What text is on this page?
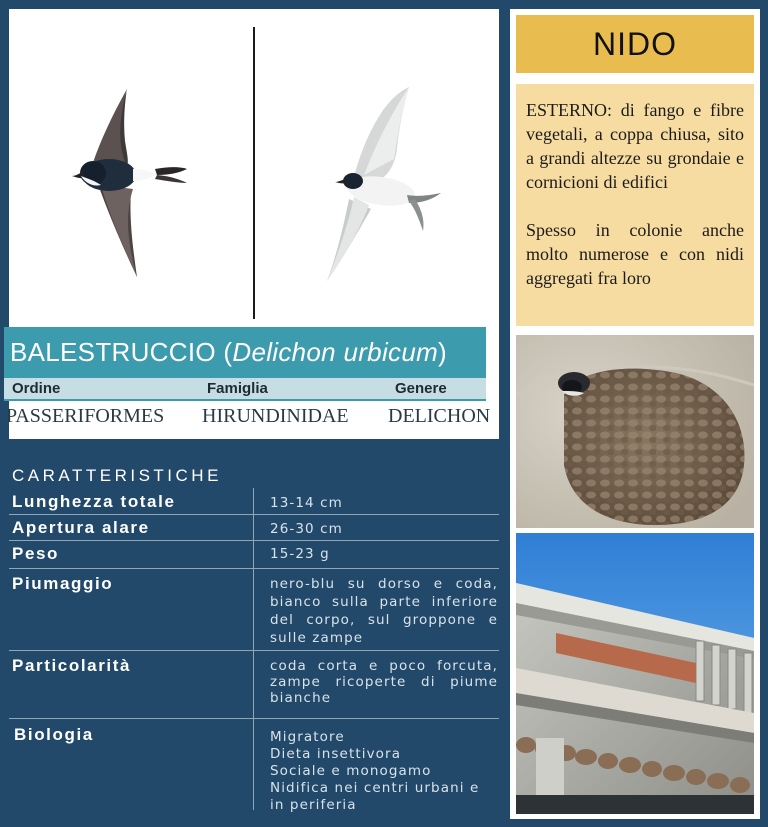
BALESTRUCCIO
( Delichon urbicum )
Ordine	Famiglia	Genere
PASSERIFORMES HIRUNDINIDAE DELICHON
CARATTERISTICHE
Lunghezza totale	13-14 cm
Apertura alare	26-30 cm
Peso	15-23 g
Piumaggio	nero-blu su dorso e coda, bianco sulla parte inferiore del corpo, sul groppone e sulle zampe
Particolarità	coda corta e poco forcuta, zampe ricoperte di piume bianche
Biologia	Migratore
Dieta insettivora
Sociale e monogamo
Nidifica nei centri urbani e in periferia
NIDO

ESTERNO: di fango e fibre vegetali, a coppa chiusa, sito a grandi altezze su grondaie e cornicioni di edifici

Spesso in colonie anche molto numerose e con nidi aggregati fra loro
